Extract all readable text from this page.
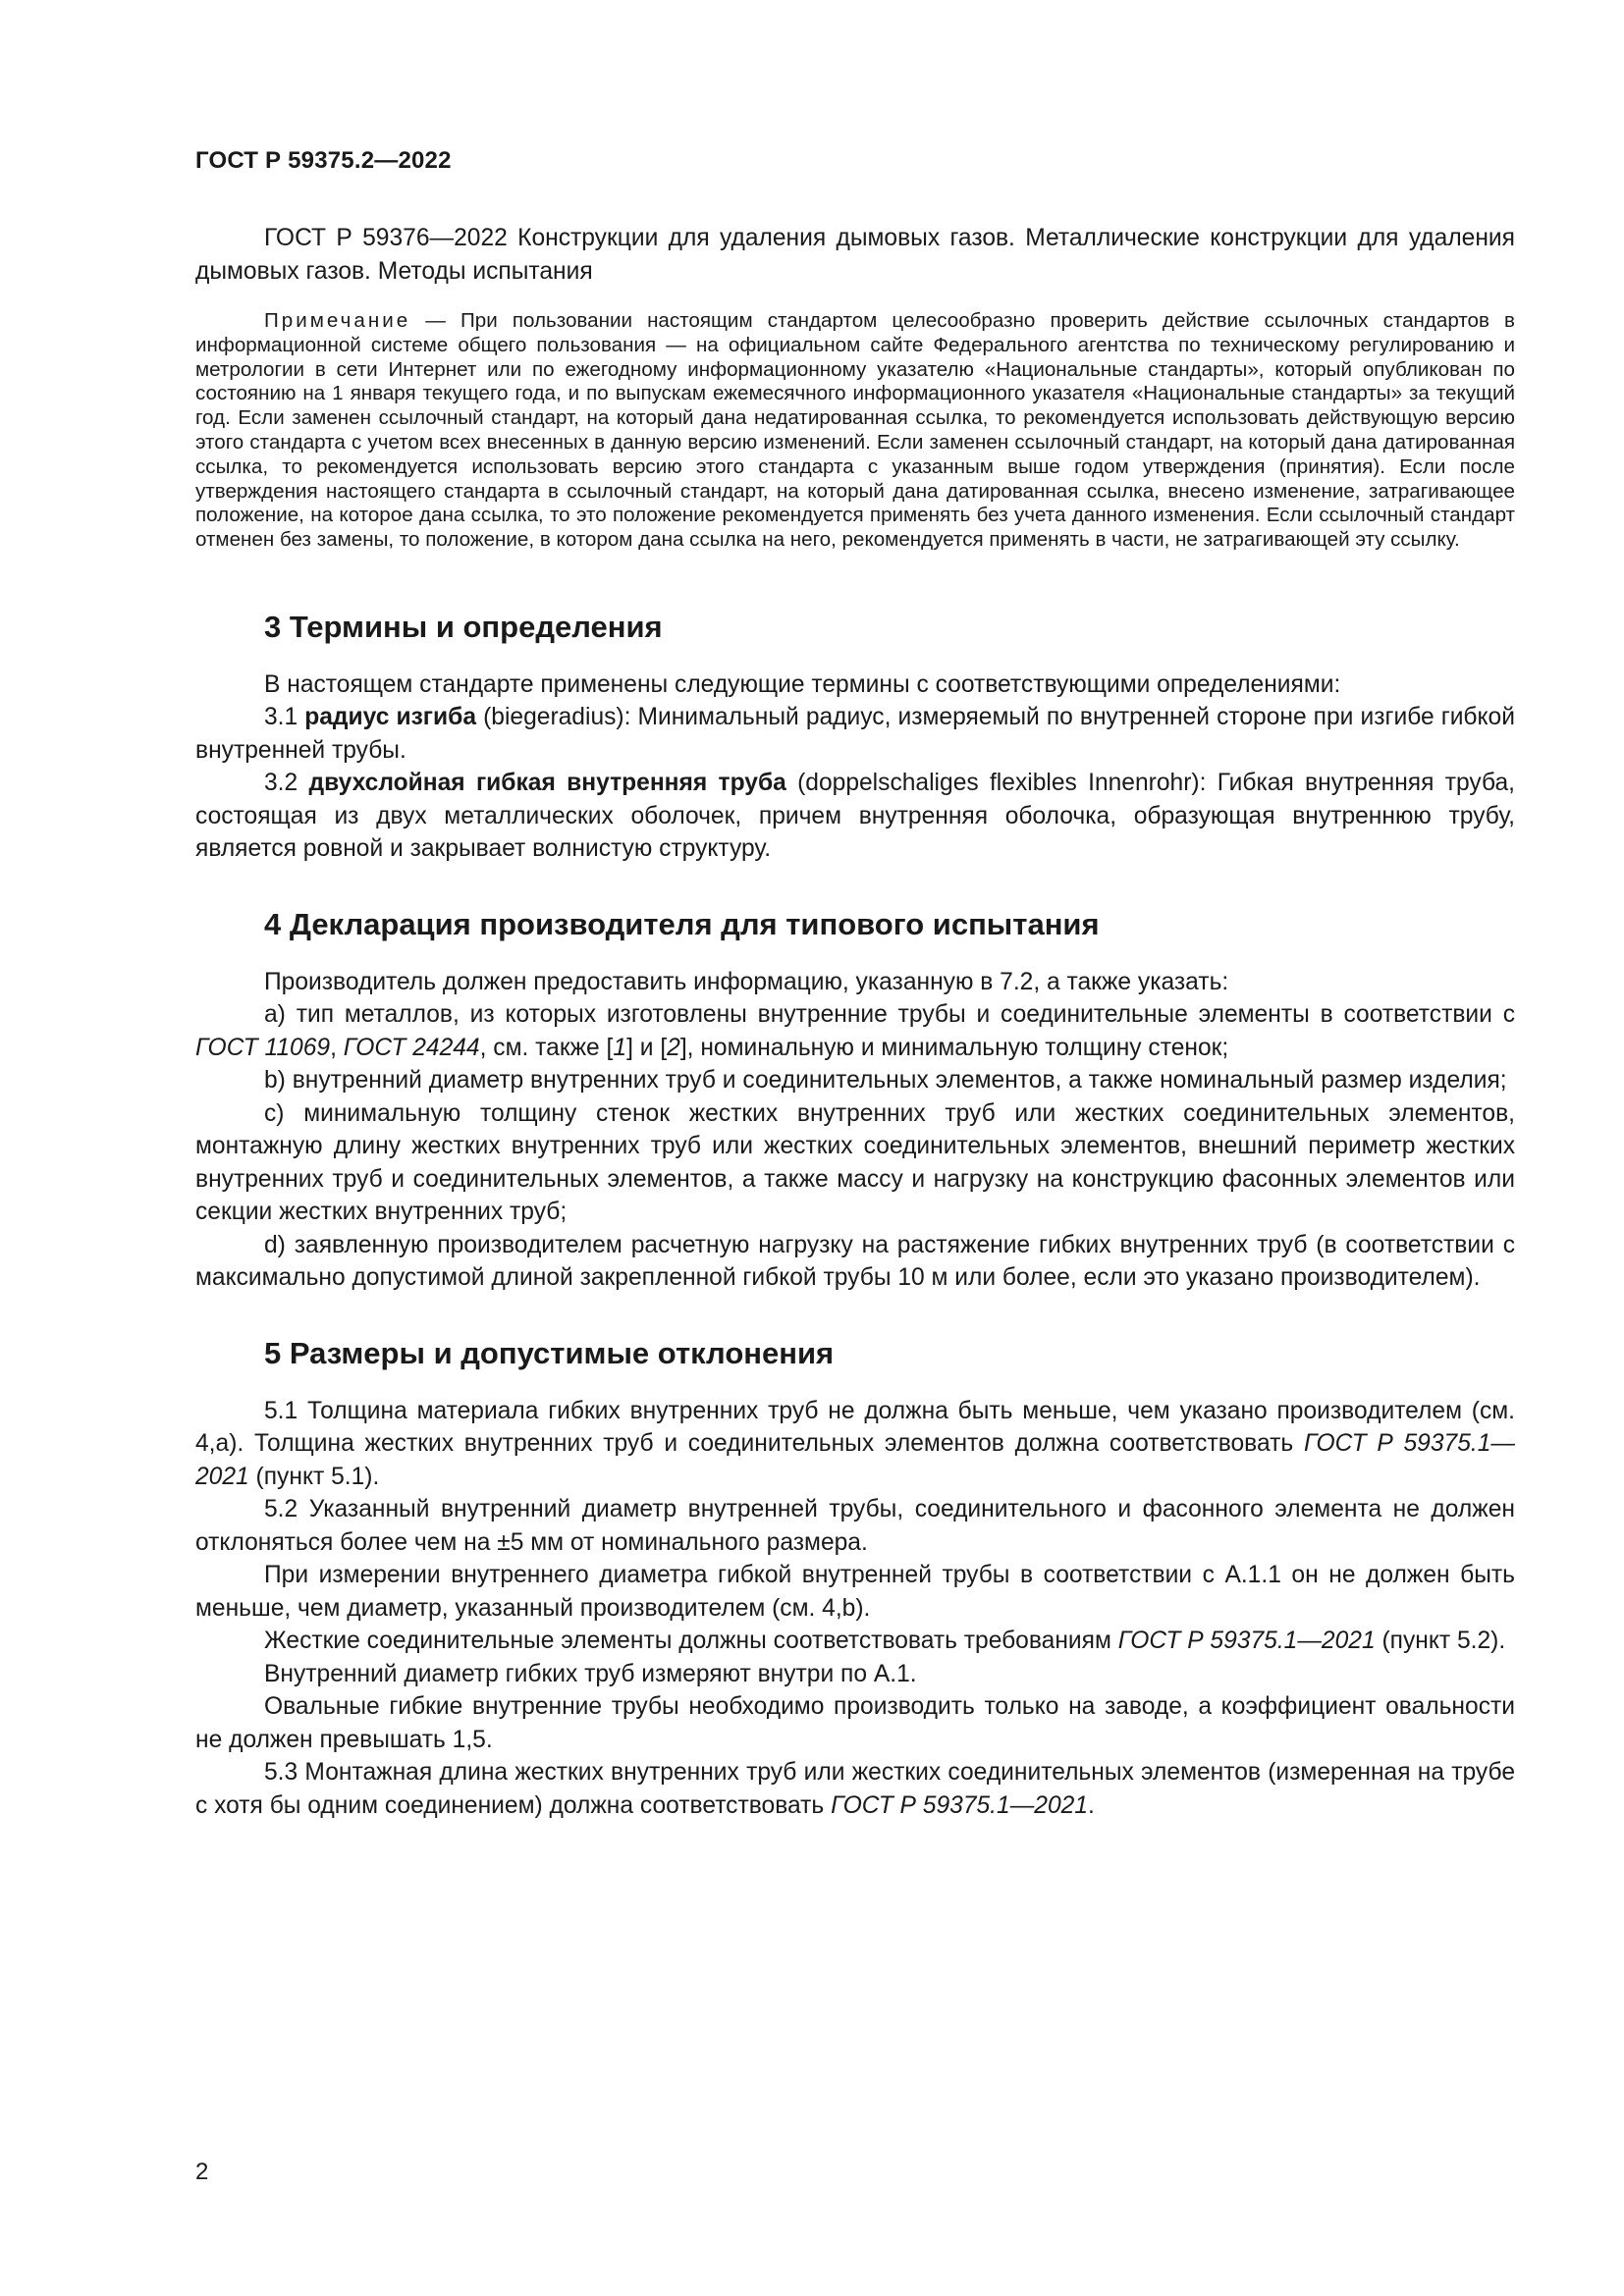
ГОСТ Р 59375.2—2022

ГОСТ Р 59376—2022 Конструкции для удаления дымовых газов. Металлические конструкции для удаления дымовых газов. Методы испытания

Примечание — При пользовании настоящим стандартом целесообразно проверить действие ссылочных стандартов в информационной системе общего пользования — на официальном сайте Федерального агентства по техническому регулированию и метрологии в сети Интернет или по ежегодному информационному указателю «Национальные стандарты», который опубликован по состоянию на 1 января текущего года, и по выпускам ежемесячного информационного указателя «Национальные стандарты» за текущий год. Если заменен ссылочный стандарт, на который дана недатированная ссылка, то рекомендуется использовать действующую версию этого стандарта с учетом всех внесенных в данную версию изменений. Если заменен ссылочный стандарт, на который дана датированная ссылка, то рекомендуется использовать версию этого стандарта с указанным выше годом утверждения (принятия). Если после утверждения настоящего стандарта в ссылочный стандарт, на который дана датированная ссылка, внесено изменение, затрагивающее положение, на которое дана ссылка, то это положение рекомендуется применять без учета данного изменения. Если ссылочный стандарт отменен без замены, то положение, в котором дана ссылка на него, рекомендуется применять в части, не затрагивающей эту ссылку.

3 Термины и определения

В настоящем стандарте применены следующие термины с соответствующими определениями:

3.1 радиус изгиба (biegeradius): Минимальный радиус, измеряемый по внутренней стороне при изгибе гибкой внутренней трубы.

3.2 двухслойная гибкая внутренняя труба (doppelschaliges flexibles Innenrohr): Гибкая внутренняя труба, состоящая из двух металлических оболочек, причем внутренняя оболочка, образующая внутреннюю трубу, является ровной и закрывает волнистую структуру.

4 Декларация производителя для типового испытания

Производитель должен предоставить информацию, указанную в 7.2, а также указать:

a) тип металлов, из которых изготовлены внутренние трубы и соединительные элементы в соответствии с ГОСТ 11069, ГОСТ 24244, см. также [1] и [2], номинальную и минимальную толщину стенок;

b) внутренний диаметр внутренних труб и соединительных элементов, а также номинальный размер изделия;

c) минимальную толщину стенок жестких внутренних труб или жестких соединительных элементов, монтажную длину жестких внутренних труб или жестких соединительных элементов, внешний периметр жестких внутренних труб и соединительных элементов, а также массу и нагрузку на конструкцию фасонных элементов или секции жестких внутренних труб;

d) заявленную производителем расчетную нагрузку на растяжение гибких внутренних труб (в соответствии с максимально допустимой длиной закрепленной гибкой трубы 10 м или более, если это указано производителем).

5 Размеры и допустимые отклонения

5.1 Толщина материала гибких внутренних труб не должна быть меньше, чем указано производителем (см. 4,a). Толщина жестких внутренних труб и соединительных элементов должна соответствовать ГОСТ Р 59375.1—2021 (пункт 5.1).

5.2 Указанный внутренний диаметр внутренней трубы, соединительного и фасонного элемента не должен отклоняться более чем на ±5 мм от номинального размера.

При измерении внутреннего диаметра гибкой внутренней трубы в соответствии с А.1.1 он не должен быть меньше, чем диаметр, указанный производителем (см. 4,b).

Жесткие соединительные элементы должны соответствовать требованиям ГОСТ Р 59375.1—2021 (пункт 5.2).

Внутренний диаметр гибких труб измеряют внутри по А.1.

Овальные гибкие внутренние трубы необходимо производить только на заводе, а коэффициент овальности не должен превышать 1,5.

5.3 Монтажная длина жестких внутренних труб или жестких соединительных элементов (измеренная на трубе с хотя бы одним соединением) должна соответствовать ГОСТ Р 59375.1—2021.

2
